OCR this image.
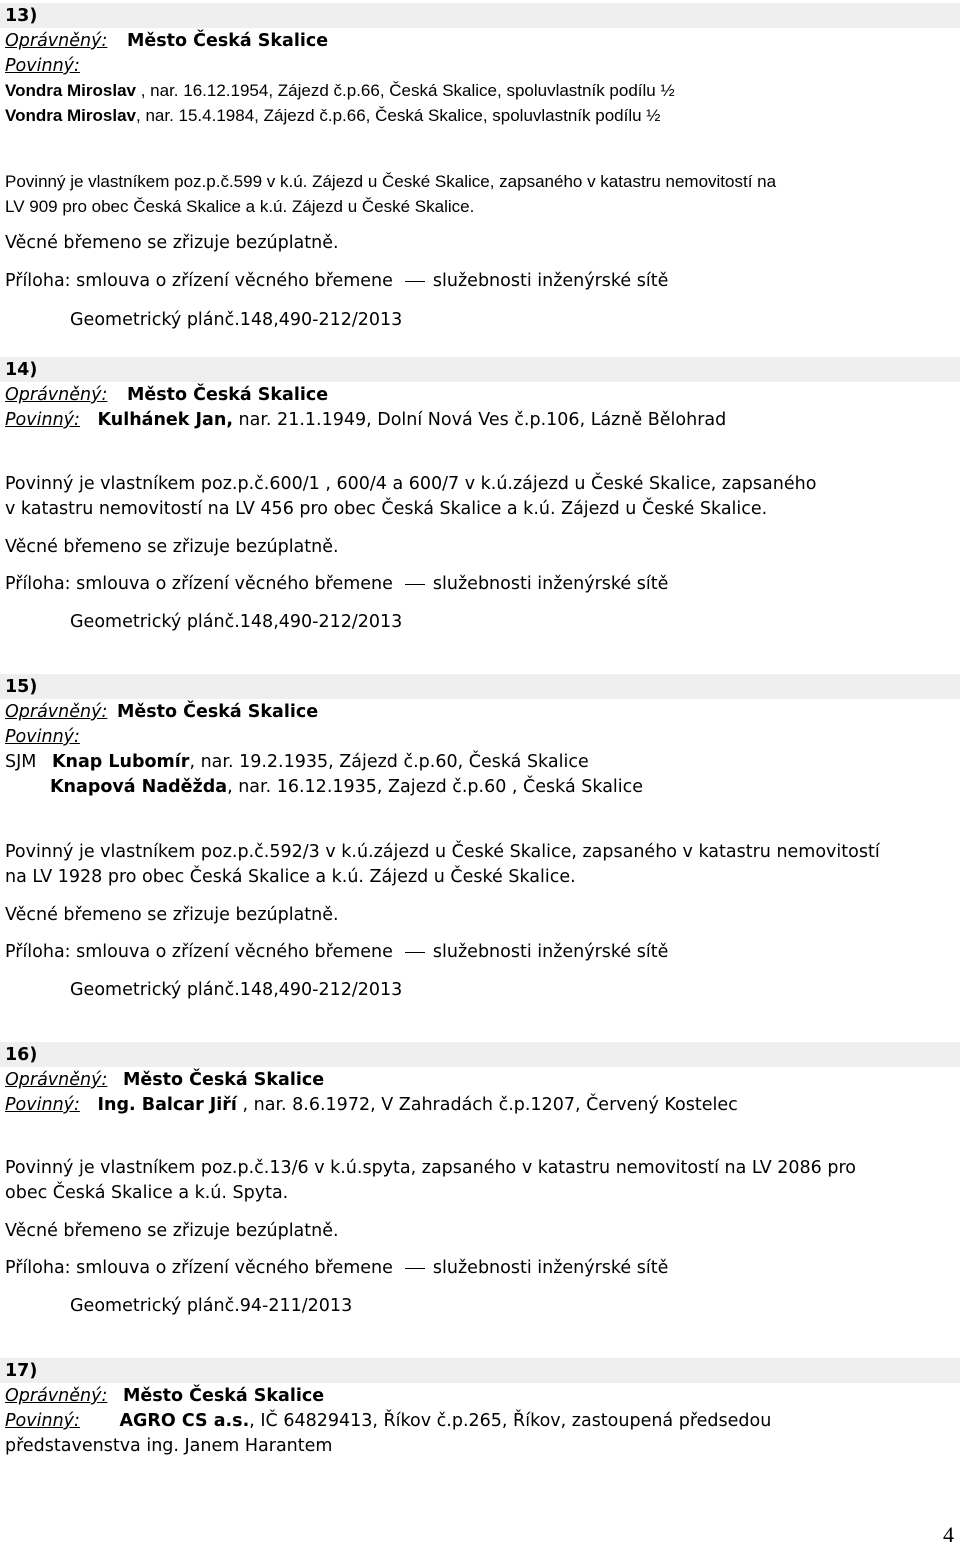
13)
Oprávněný: Město Česká Skalice
Povinný:
Vondra Miroslav , nar. 16.12.1954, Zájezd č.p.66, Česká Skalice, spoluvlastník podílu ½
Vondra Miroslav, nar. 15.4.1984, Zájezd č.p.66, Česká Skalice, spoluvlastník podílu ½
Povinný je vlastníkem poz.p.č.599 v k.ú. Zájezd u České Skalice, zapsaného v katastru nemovitostí na
LV 909 pro obec Česká Skalice a k.ú. Zájezd u České Skalice.
Věcné břemeno se zřizuje bezúplatně.
Příloha: smlouva o zřízení věcného břemene služebnosti inženýrské sítě
Geometrický plánč.148,490-212/2013
14)
Oprávněný: Město Česká Skalice
Povinný: Kulhánek Jan, nar. 21.1.1949, Dolní Nová Ves č.p.106, Lázně Bělohrad
Povinný je vlastníkem poz.p.č.600/1 , 600/4 a 600/7 v k.ú.zájezd u České Skalice, zapsaného
v katastru nemovitostí na LV 456 pro obec Česká Skalice a k.ú. Zájezd u České Skalice.
Věcné břemeno se zřizuje bezúplatně.
Příloha: smlouva o zřízení věcného břemene služebnosti inženýrské sítě
Geometrický plánč.148,490-212/2013
15)
Oprávněný: Město Česká Skalice
Povinný:
SJM Knap Lubomír, nar. 19.2.1935, Zájezd č.p.60, Česká Skalice
Knapová Naděžda, nar. 16.12.1935, Zajezd č.p.60 , Česká Skalice
Povinný je vlastníkem poz.p.č.592/3 v k.ú.zájezd u České Skalice, zapsaného v katastru nemovitostí
na LV 1928 pro obec Česká Skalice a k.ú. Zájezd u České Skalice.
Věcné břemeno se zřizuje bezúplatně.
Příloha: smlouva o zřízení věcného břemene služebnosti inženýrské sítě
Geometrický plánč.148,490-212/2013
16)
Oprávněný: Město Česká Skalice
Povinný: Ing. Balcar Jiří , nar. 8.6.1972, V Zahradách č.p.1207, Červený Kostelec
Povinný je vlastníkem poz.p.č.13/6 v k.ú.spyta, zapsaného v katastru nemovitostí na LV 2086 pro
obec Česká Skalice a k.ú. Spyta.
Věcné břemeno se zřizuje bezúplatně.
Příloha: smlouva o zřízení věcného břemene služebnosti inženýrské sítě
Geometrický plánč.94-211/2013
17)
Oprávněný: Město Česká Skalice
Povinný: AGRO CS a.s., IČ 64829413, Říkov č.p.265, Říkov, zastoupená předsedou
představenstva ing. Janem Harantem
4
